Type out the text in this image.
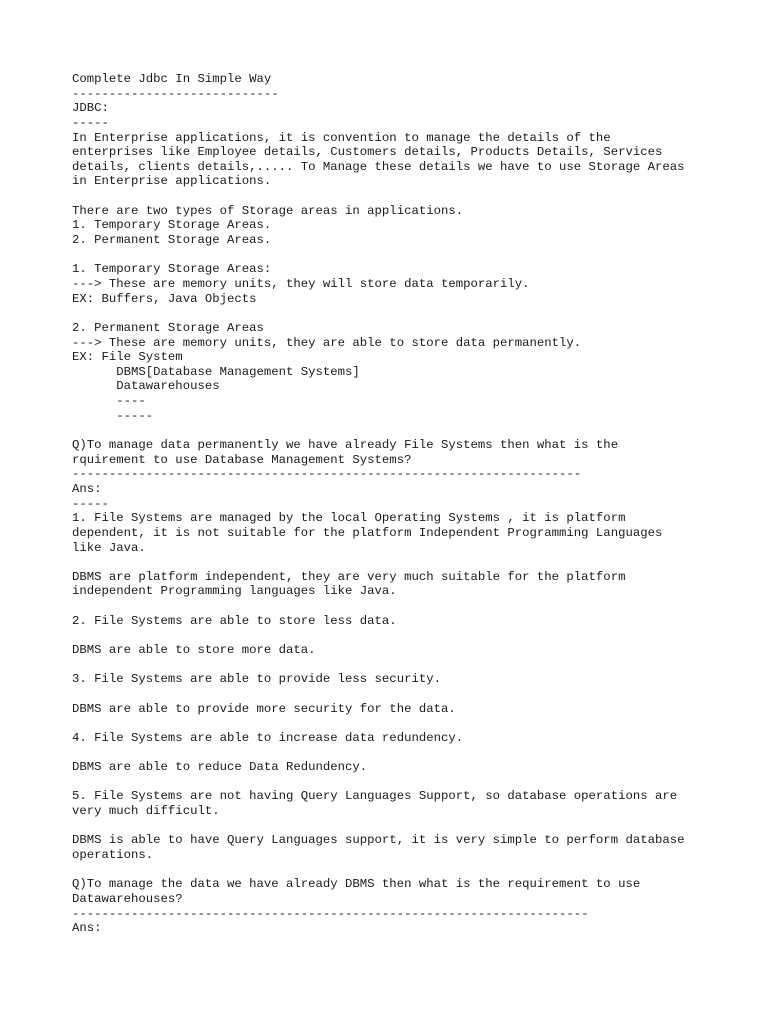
Complete Jdbc In Simple Way

----------------------------

JDBC:

-----

In Enterprise applications, it is convention to manage the details of the

enterprises like Employee details, Customers details, Products Details, Services

details, clients details,..... To Manage these details we have to use Storage Areas

in Enterprise applications.

There are two types of Storage areas in applications.

1. Temporary Storage Areas.

2. Permanent Storage Areas.

1. Temporary Storage Areas:

---> These are memory units, they will store data temporarily.

EX: Buffers, Java Objects

2. Permanent Storage Areas

---> These are memory units, they are able to store data permanently.

EX: File System

DBMS[Database Management Systems]

Datawarehouses

----

-----

Q)To manage data permanently we have already File Systems then what is the

rquirement to use Database Management Systems?

---------------------------------------------------------------------

Ans:

-----

1. File Systems are managed by the local Operating Systems , it is platform

dependent, it is not suitable for the platform Independent Programming Languages

like Java.

DBMS are platform independent, they are very much suitable for the platform

independent Programming languages like Java.

2. File Systems are able to store less data.

DBMS are able to store more data.

3. File Systems are able to provide less security.

DBMS are able to provide more security for the data.

4. File Systems are able to increase data redundency.

DBMS are able to reduce Data Redundency.

5. File Systems are not having Query Languages Support, so database operations are

very much difficult.

DBMS is able to have Query Languages support, it is very simple to perform database

operations.

Q)To manage the data we have already DBMS then what is the requirement to use

Datawarehouses?

----------------------------------------------------------------------

Ans:
